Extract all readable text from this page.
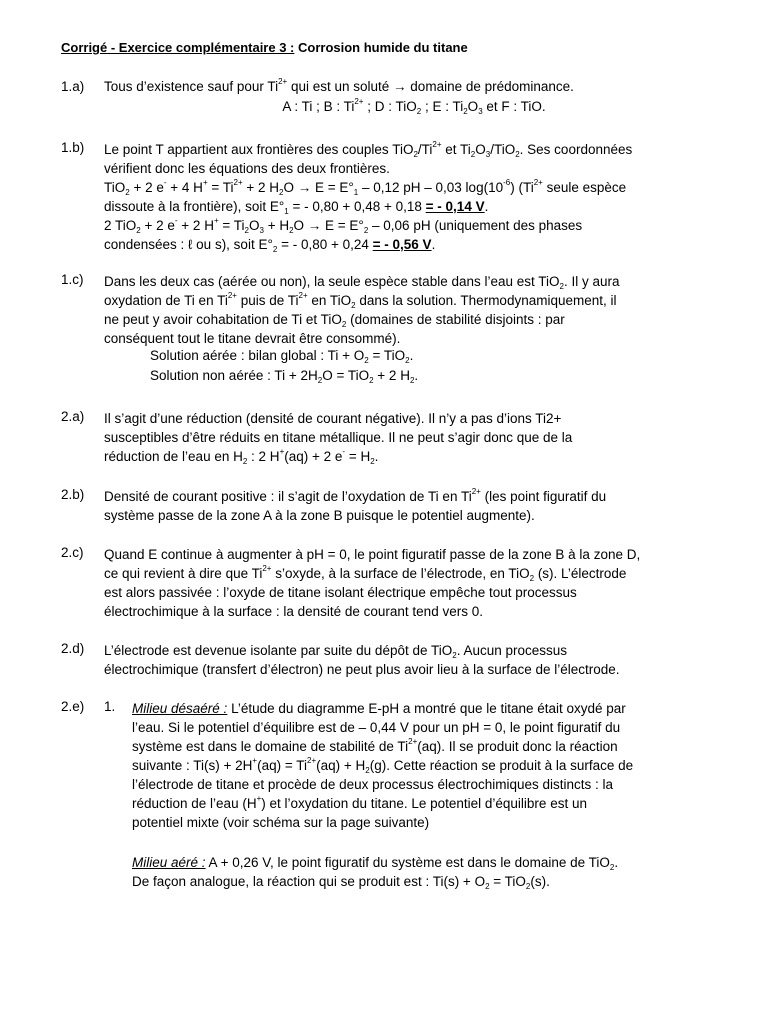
Corrigé - Exercice complémentaire 3 : Corrosion humide du titane
1.a) Tous d’existence sauf pour $Ti^{2+}$ qui est un soluté → domaine de prédominance.
A : Ti ; B : $Ti^{2+}$ ; D : TiO$_2$ ; E : $Ti_2O_3$ et F : TiO.
1.b) Le point T appartient aux frontières des couples $TiO_2/Ti^{2+}$ et $Ti_2O_3/TiO_2$. Ses coordonnées
vérifient donc les équations des deux frontières.
TiO$_2$ + 2 e- + 4 $H^+ = Ti^{2+} + 2$ $H_2O \to E = E^\circ_1 - 0,12$ pH – 0,03 $\log(10^{-6})$ ($Ti^{2+}$ seule espèce
dissoute à la frontière), soit $E^\circ_1$ = - 0,80 + 0,48 + 0,18 = - 0,14 V.
2 TiO$_2$ + 2 e- + 2 $H^+ = Ti_2O_3 + H_2O \to E = E^\circ_2 - 0,06$ pH (uniquement des phases
condensées : ℓ ou s), soit $E^\circ_2$ = - 0,80 + 0,24 = - 0,56 V.
1.c) Dans les deux cas (aérée ou non), la seule espèce stable dans l’eau est TiO$_2$. Il y aura
oxydation de Ti en $Ti^{2+}$ puis de $Ti^{2+}$ en TiO$_2$ dans la solution. Thermodynamiquement, il
ne peut y avoir cohabitation de Ti et TiO$_2$ (domaines de stabilité disjoints : par
conséquent tout le titane devrait être consommé).
Solution aérée : bilan global : $Ti + O_2 = TiO_2$.
Solution non aérée : $Ti + 2H_2O = TiO_2 + 2$ $H_2$.
2.a) Il s’agit d’une réduction (densité de courant négative). Il n’y a pas d’ions Ti2+
susceptibles d’être réduits en titane métallique. Il ne peut s’agir donc que de la
réduction de l’eau en $H_2$ : 2 H+(aq) + 2 $e^- = H_2$.
2.b) Densité de courant positive : il s’agit de l’oxydation de Ti en $Ti^{2+}$ (les point figuratif du
système passe de la zone A à la zone B puisque le potentiel augmente).
2.c) Quand E continue à augmenter à pH = 0, le point figuratif passe de la zone B à la zone D,
ce qui revient à dire que $Ti^{2+}$ s’oxyde, à la surface de l’électrode, en TiO$_2$ (s). L’électrode
est alors passivée : l’oxyde de titane isolant électrique empêche tout processus
électrochimique à la surface : la densité de courant tend vers 0.
2.d) L’électrode est devenue isolante par suite du dépôt de TiO$_2$. Aucun processus
électrochimique (transfert d’électron) ne peut plus avoir lieu à la surface de l’électrode.
2.e) 1. Milieu désaéré : L’étude du diagramme E-pH a montré que le titane était oxydé par
l’eau. Si le potentiel d’équilibre est de – 0,44 V pour un pH = 0, le point figuratif du
système est dans le domaine de stabilité de $Ti^{2+}(aq)$. Il se produit donc la réaction
suivante : $Ti(s) + 2H^+(aq) = Ti^{2+}(aq) + H_2(g)$. Cette réaction se produit à la surface de
l’électrode de titane et procède de deux processus électrochimiques distincts : la
réduction de l’eau (H+) et l’oxydation du titane. Le potentiel d’équilibre est un
potentiel mixte (voir schéma sur la page suivante)
Milieu aéré : A + 0,26 V, le point figuratif du système est dans le domaine de TiO$_2$.
De façon analogue, la réaction qui se produit est : $Ti(s) + O_2 = TiO_2(s)$.
